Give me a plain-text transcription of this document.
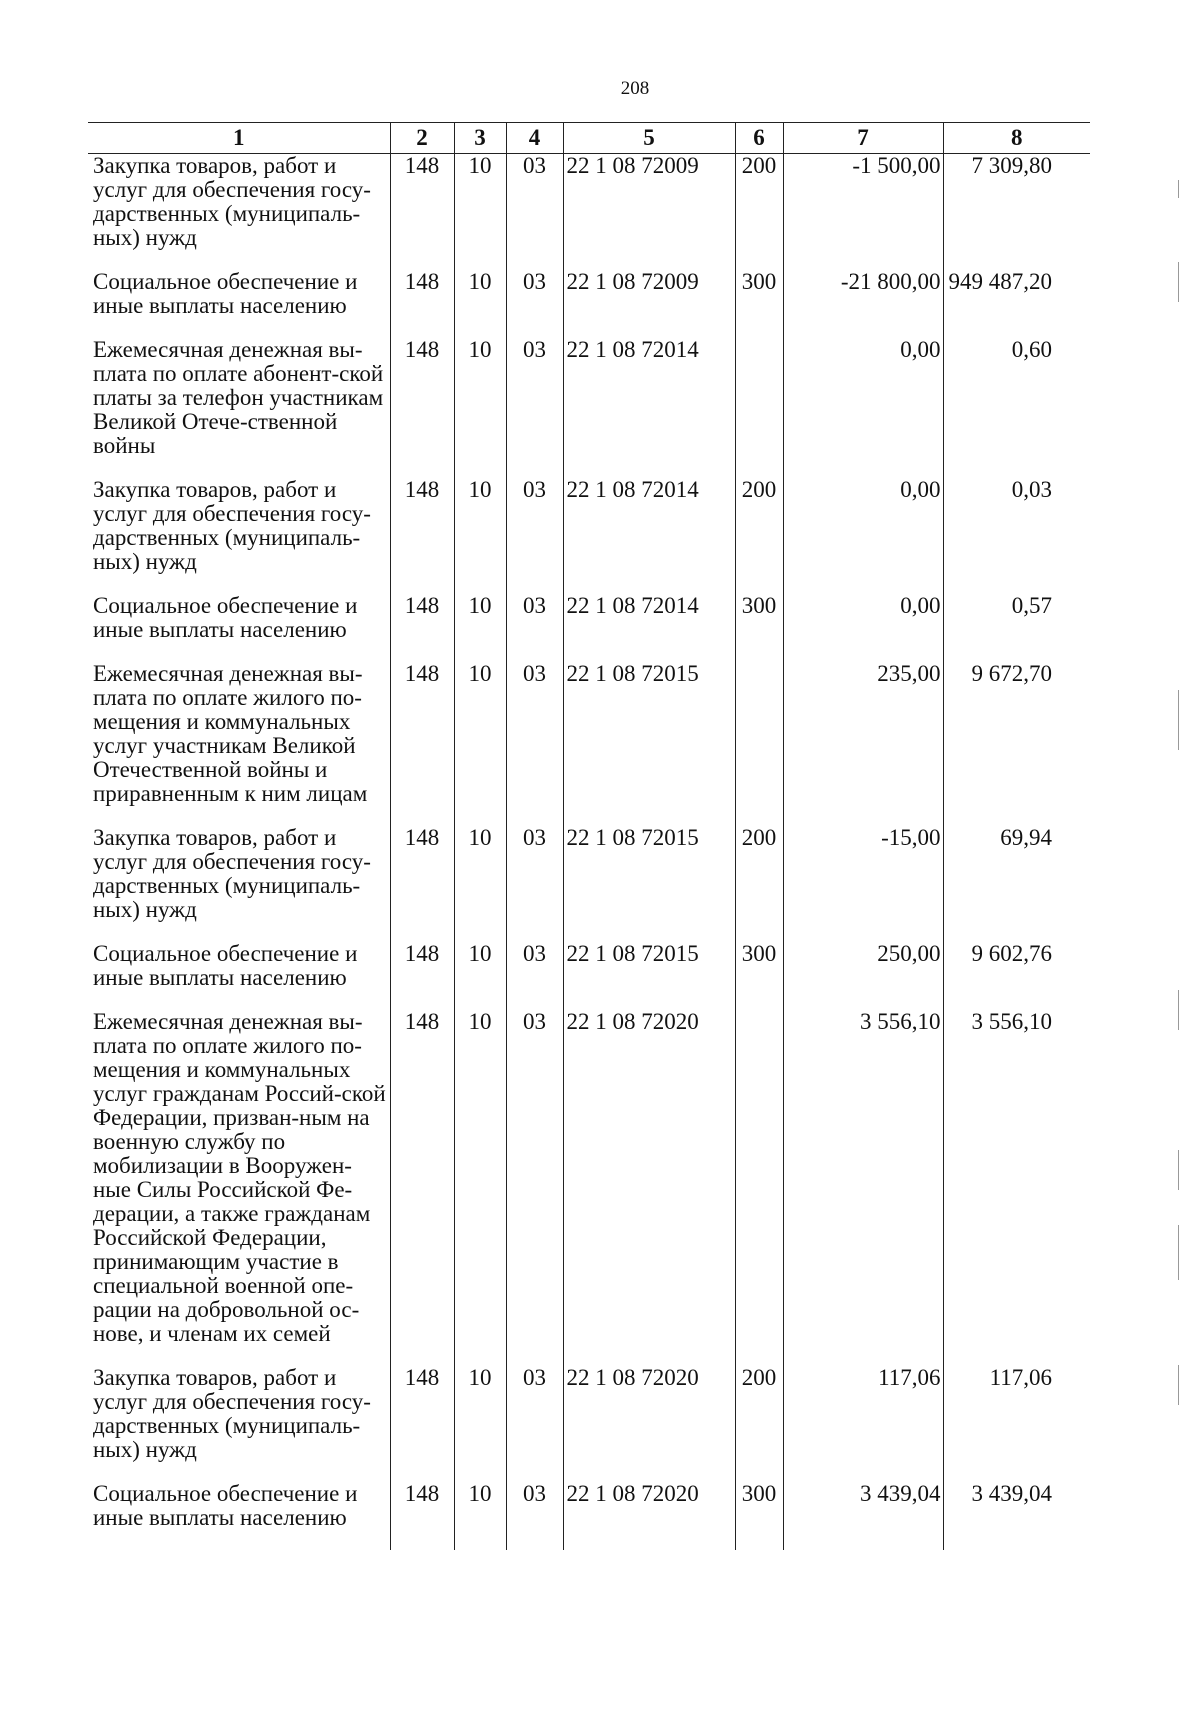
208
1	2	3	4	5	6	7	8
Закупка товаров, работ и услуг для обеспечения госу-дарственных (муниципаль-ных) нужд	148	10	03	22 1 08 72009	200	-1 500,00	7 309,80
Социальное обеспечение и иные выплаты населению	148	10	03	22 1 08 72009	300	-21 800,00	949 487,20
Ежемесячная денежная вы-плата по оплате абонент-ской платы за телефон участникам Великой Отече-ственной войны	148	10	03	22 1 08 72014		0,00	0,60
Закупка товаров, работ и услуг для обеспечения госу-дарственных (муниципаль-ных) нужд	148	10	03	22 1 08 72014	200	0,00	0,03
Социальное обеспечение и иные выплаты населению	148	10	03	22 1 08 72014	300	0,00	0,57
Ежемесячная денежная вы-плата по оплате жилого по-мещения и коммунальных услуг участникам Великой Отечественной войны и приравненным к ним лицам	148	10	03	22 1 08 72015		235,00	9 672,70
Закупка товаров, работ и услуг для обеспечения госу-дарственных (муниципаль-ных) нужд	148	10	03	22 1 08 72015	200	-15,00	69,94
Социальное обеспечение и иные выплаты населению	148	10	03	22 1 08 72015	300	250,00	9 602,76
Ежемесячная денежная вы-плата по оплате жилого по-мещения и коммунальных услуг гражданам Россий-ской Федерации, призван-ным на военную службу по мобилизации в Вооружен-ные Силы Российской Фе-дерации, а также гражданам Российской Федерации, принимающим участие в специальной военной опе-рации на добровольной ос-нове, и членам их семей	148	10	03	22 1 08 72020		3 556,10	3 556,10
Закупка товаров, работ и услуг для обеспечения госу-дарственных (муниципаль-ных) нужд	148	10	03	22 1 08 72020	200	117,06	117,06
Социальное обеспечение и иные выплаты населению	148	10	03	22 1 08 72020	300	3 439,04	3 439,04
